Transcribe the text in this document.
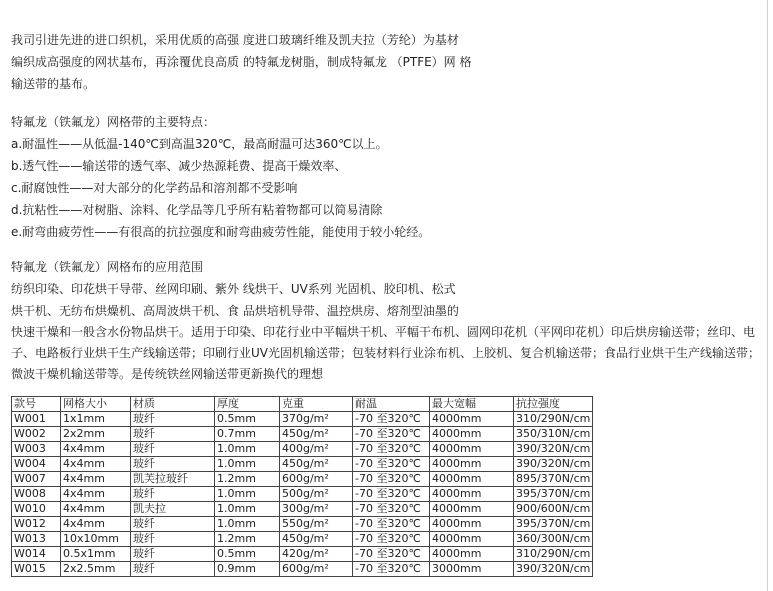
我司引进先进的进口织机，采用优质的高强 度进口玻璃纤维及凯夫拉（芳纶）为基材
编织成高强度的网状基布，再涂覆优良高质 的特氟龙树脂，制成特氟龙 （PTFE）网 格
输送带的基布。
特氟龙（铁氟龙）网格带的主要特点：
a.耐温性——从低温-140℃到高温320℃，最高耐温可达360℃以上。
b.透气性——输送带的透气率、减少热源耗费、提高干燥效率、
c.耐腐蚀性——对大部分的化学药品和溶剂都不受影响
d.抗粘性——对树脂、涂料、化学品等几乎所有粘着物都可以简易清除
e.耐弯曲疲劳性——有很高的抗拉强度和耐弯曲疲劳性能，能使用于较小轮经。
特氟龙（铁氟龙）网格布的应用范围
纺织印染、印花烘干导带、丝网印刷、紫外 线烘干、UV系列 光固机、胶印机、松式
烘干机、无纺布烘燥机、高周波烘干机、食 品烘培机导带、温控烘房、熔剂型油墨的
快速干燥和一般含水份物品烘干。适用于印染、印花行业中平幅烘干机、平幅干布机、圆网印花机（平网印花机）印后烘房输送带；丝印、电子、电路板行业烘干生产线输送带；印刷行业UV光固机输送带；包装材料行业涂布机、上胶机、复合机输送带；食品行业烘干生产线输送带；微波干燥机输送带等。是传统铁丝网输送带更新换代的理想
款号	网格大小	材质	厚度	克重	耐温	最大宽幅	抗拉强度
W001	1x1mm	玻纤	0.5mm	370g/m²	-70 至320℃	4000mm	310/290N/cm
W002	2x2mm	玻纤	0.7mm	450g/m²	-70 至320℃	4000mm	350/310N/cm
W003	4x4mm	玻纤	1.0mm	400g/m²	-70 至320℃	4000mm	390/320N/cm
W004	4x4mm	玻纤	1.0mm	450g/m²	-70 至320℃	4000mm	390/320N/cm
W007	4x4mm	凯芙拉玻纤	1.2mm	600g/m²	-70 至320℃	4000mm	895/370N/cm
W008	4x4mm	玻纤	1.0mm	500g/m²	-70 至320℃	4000mm	395/370N/cm
W010	4x4mm	凯夫拉	1.0mm	300g/m²	-70 至320℃	4000mm	900/600N/cm
W012	4x4mm	玻纤	1.0mm	550g/m²	-70 至320℃	4000mm	395/370N/cm
W013	10x10mm	玻纤	1.2mm	450g/m²	-70 至320℃	4000mm	360/300N/cm
W014	0.5x1mm	玻纤	0.5mm	420g/m²	-70 至320℃	4000mm	310/290N/cm
W015	2x2.5mm	玻纤	0.9mm	600g/m²	-70 至320℃	3000mm	390/320N/cm
